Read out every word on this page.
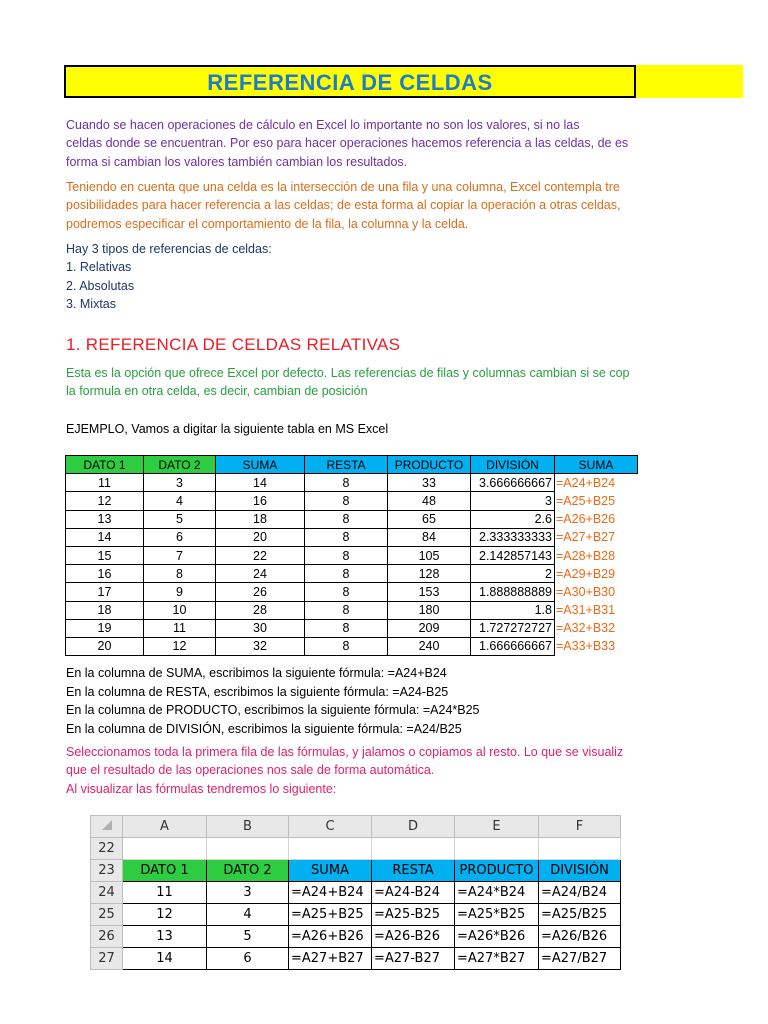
REFERENCIA DE CELDAS
Cuando se hacen operaciones de cálculo en Excel lo importante no son los valores, si no las
celdas donde se encuentran. Por eso para hacer operaciones hacemos referencia a las celdas, de es
forma si cambian los valores también cambian los resultados.
Teniendo en cuenta que una celda es la intersección de una fila y una columna, Excel contempla tre
posibilidades para hacer referencia a las celdas; de esta forma al copiar la operación a otras celdas,
podremos especificar el comportamiento de la fila, la columna y la celda.
Hay 3 tipos de referencias de celdas:
1. Relativas
2. Absolutas
3. Mixtas
1. REFERENCIA DE CELDAS RELATIVAS
Esta es la opción que ofrece Excel por defecto. Las referencias de filas y columnas cambian si se cop
la formula en otra celda, es decir, cambian de posición
EJEMPLO, Vamos a digitar la siguiente tabla en MS Excel
DATO 1	DATO 2	SUMA	RESTA	PRODUCTO	DIVISIÓN	SUMA
11	3	14	8	33	3.666666667	=A24+B24
12	4	16	8	48	3	=A25+B25
13	5	18	8	65	2.6	=A26+B26
14	6	20	8	84	2.333333333	=A27+B27
15	7	22	8	105	2.142857143	=A28+B28
16	8	24	8	128	2	=A29+B29
17	9	26	8	153	1.888888889	=A30+B30
18	10	28	8	180	1.8	=A31+B31
19	11	30	8	209	1.727272727	=A32+B32
20	12	32	8	240	1.666666667	=A33+B33
En la columna de SUMA, escribimos la siguiente fórmula: =A24+B24
En la columna de RESTA, escribimos la siguiente fórmula: =A24-B25
En la columna de PRODUCTO, escribimos la siguiente fórmula: =A24*B25
En la columna de DIVISIÓN, escribimos la siguiente fórmula: =A24/B25
Seleccionamos toda la primera fila de las fórmulas, y jalamos o copiamos al resto. Lo que se visualiz
que el resultado de las operaciones nos sale de forma automática.
Al visualizar las fórmulas tendremos lo siguiente:
	A	B	C	D	E	F
22						
23	DATO 1	DATO 2	SUMA	RESTA	PRODUCTO	DIVISIÓN
24	11	3	=A24+B24	=A24-B24	=A24*B24	=A24/B24
25	12	4	=A25+B25	=A25-B25	=A25*B25	=A25/B25
26	13	5	=A26+B26	=A26-B26	=A26*B26	=A26/B26
27	14	6	=A27+B27	=A27-B27	=A27*B27	=A27/B27
